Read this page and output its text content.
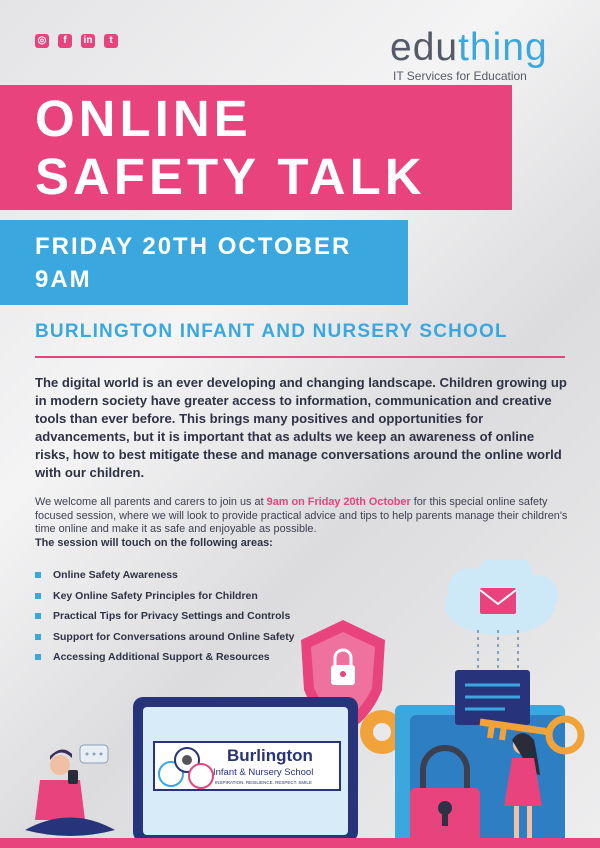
◎	f	in	t	eduthing
IT Services for Education
ONLINE
SAFETY TALK
FRIDAY 20TH OCTOBER
9AM
BURLINGTON INFANT AND NURSERY SCHOOL
The digital world is an ever developing and changing landscape. Children growing up in modern society have greater access to information, communication and creative tools than ever before. This brings many positives and opportunities for advancements, but it is important that as adults we keep an awareness of online risks, how to best mitigate these and manage conversations around the online world with our children.
We welcome all parents and carers to join us at 9am on Friday 20th October for this special online safety focused session, where we will look to provide practical advice and tips to help parents manage their children's time online and make it as safe and enjoyable as possible.
The session will touch on the following areas:
Online Safety Awareness
Key Online Safety Principles for Children
Practical Tips for Privacy Settings and Controls
Support for Conversations around Online Safety
Accessing Additional Support & Resources
Burlington
Infant & Nursery School
INSPIRATION. RESILIENCE. RESPECT. SMILE
